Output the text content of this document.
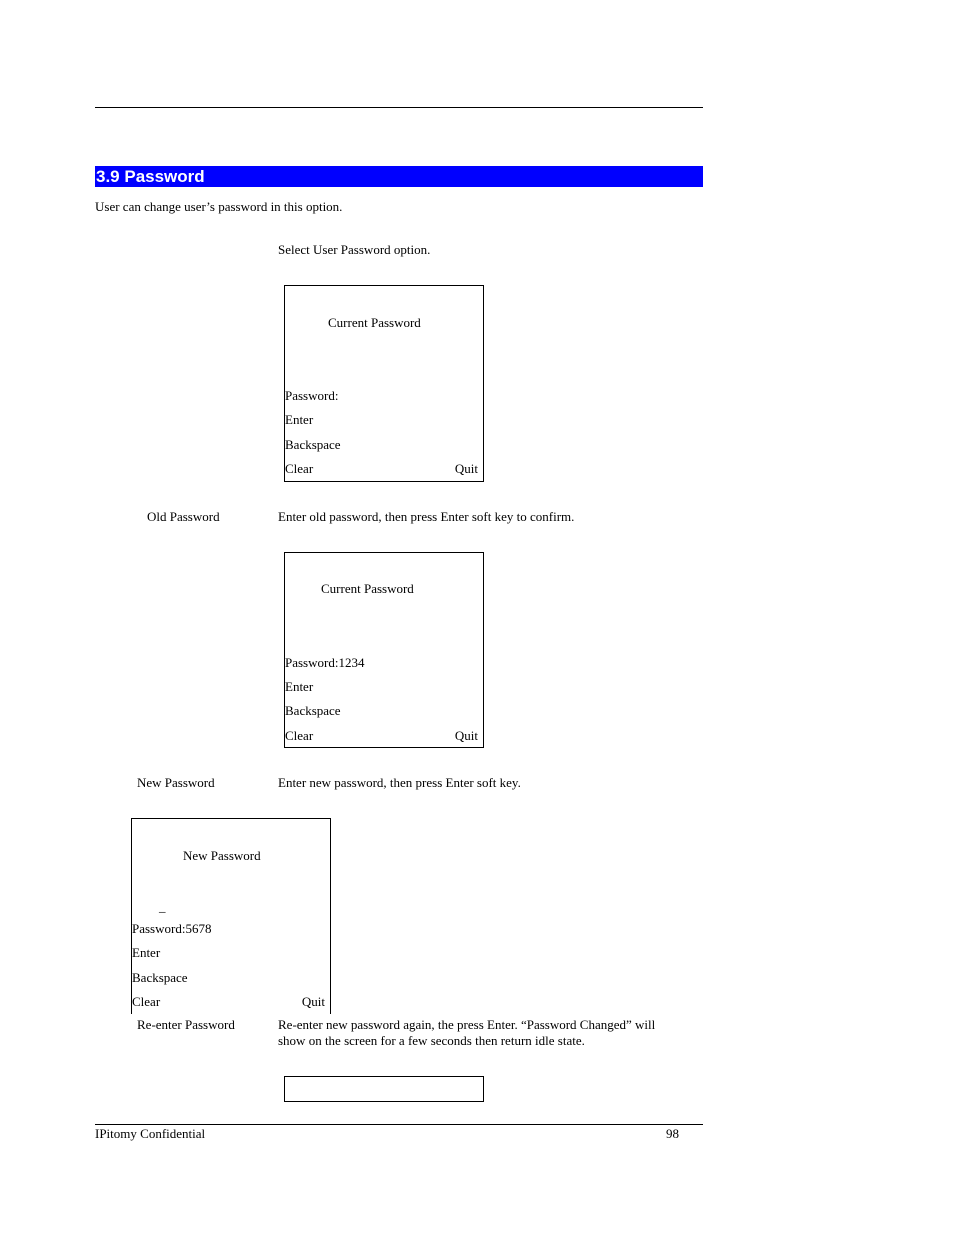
3.9 Password
User can change user’s password in this option.
Select User Password option.
Current Password
Password:
Enter
Backspace
Clear	Quit
Old Password	Enter old password, then press Enter soft key to confirm.
Current Password
Password:1234
Enter
Backspace
Clear	Quit
New Password	Enter new password, then press Enter soft key.
New Password
_
Password:5678
Enter
Backspace
Clear	Quit
Re-enter Password	Re-enter new password again, the press Enter. “Password Changed” will
show on the screen for a few seconds then return idle state.
IPitomy Confidential	98
